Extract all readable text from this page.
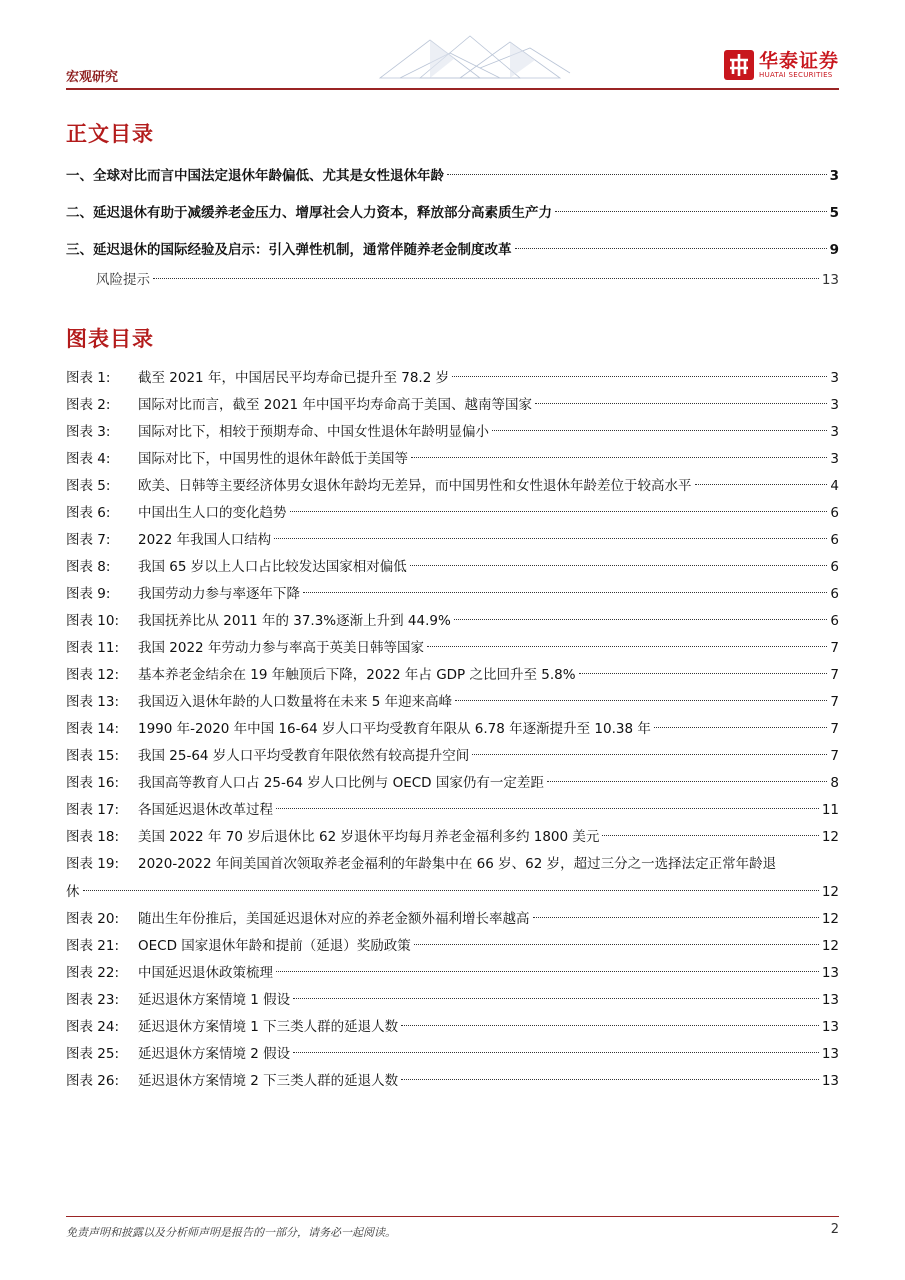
宏观研究
华泰证券
HUATAI SECURITIES
正文目录
一、全球对比而言中国法定退休年龄偏低、尤其是女性退休年龄	3
二、延迟退休有助于减缓养老金压力、增厚社会人力资本，释放部分高素质生产力	5
三、延迟退休的国际经验及启示：引入弹性机制，通常伴随养老金制度改革	9
风险提示	13
图表目录
图表 1:	截至 2021 年，中国居民平均寿命已提升至 78.2 岁	3
图表 2:	国际对比而言，截至 2021 年中国平均寿命高于美国、越南等国家	3
图表 3:	国际对比下，相较于预期寿命、中国女性退休年龄明显偏小	3
图表 4:	国际对比下，中国男性的退休年龄低于美国等	3
图表 5:	欧美、日韩等主要经济体男女退休年龄均无差异，而中国男性和女性退休年龄差位于较高水平	4
图表 6:	中国出生人口的变化趋势	6
图表 7:	2022 年我国人口结构	6
图表 8:	我国 65 岁以上人口占比较发达国家相对偏低	6
图表 9:	我国劳动力参与率逐年下降	6
图表 10:	我国抚养比从 2011 年的 37.3%逐渐上升到 44.9%	6
图表 11:	我国 2022 年劳动力参与率高于英美日韩等国家	7
图表 12:	基本养老金结余在 19 年触顶后下降，2022 年占 GDP 之比回升至 5.8%	7
图表 13:	我国迈入退休年龄的人口数量将在未来 5 年迎来高峰	7
图表 14:	1990 年-2020 年中国 16-64 岁人口平均受教育年限从 6.78 年逐渐提升至 10.38 年	7
图表 15:	我国 25-64 岁人口平均受教育年限依然有较高提升空间	7
图表 16:	我国高等教育人口占 25-64 岁人口比例与 OECD 国家仍有一定差距	8
图表 17:	各国延迟退休改革过程	11
图表 18:	美国 2022 年 70 岁后退休比 62 岁退休平均每月养老金福利多约 1800 美元	12
图表 19: 2020-2022 年间美国首次领取养老金福利的年龄集中在 66 岁、62 岁，超过三分之一选择法定正常年龄退
休	12
图表 20:	随出生年份推后，美国延迟退休对应的养老金额外福利增长率越高	12
图表 21:	OECD 国家退休年龄和提前（延退）奖励政策	12
图表 22:	中国延迟退休政策梳理	13
图表 23:	延迟退休方案情境 1 假设	13
图表 24:	延迟退休方案情境 1 下三类人群的延退人数	13
图表 25:	延迟退休方案情境 2 假设	13
图表 26:	延迟退休方案情境 2 下三类人群的延退人数	13
免责声明和披露以及分析师声明是报告的一部分，请务必一起阅读。	2
